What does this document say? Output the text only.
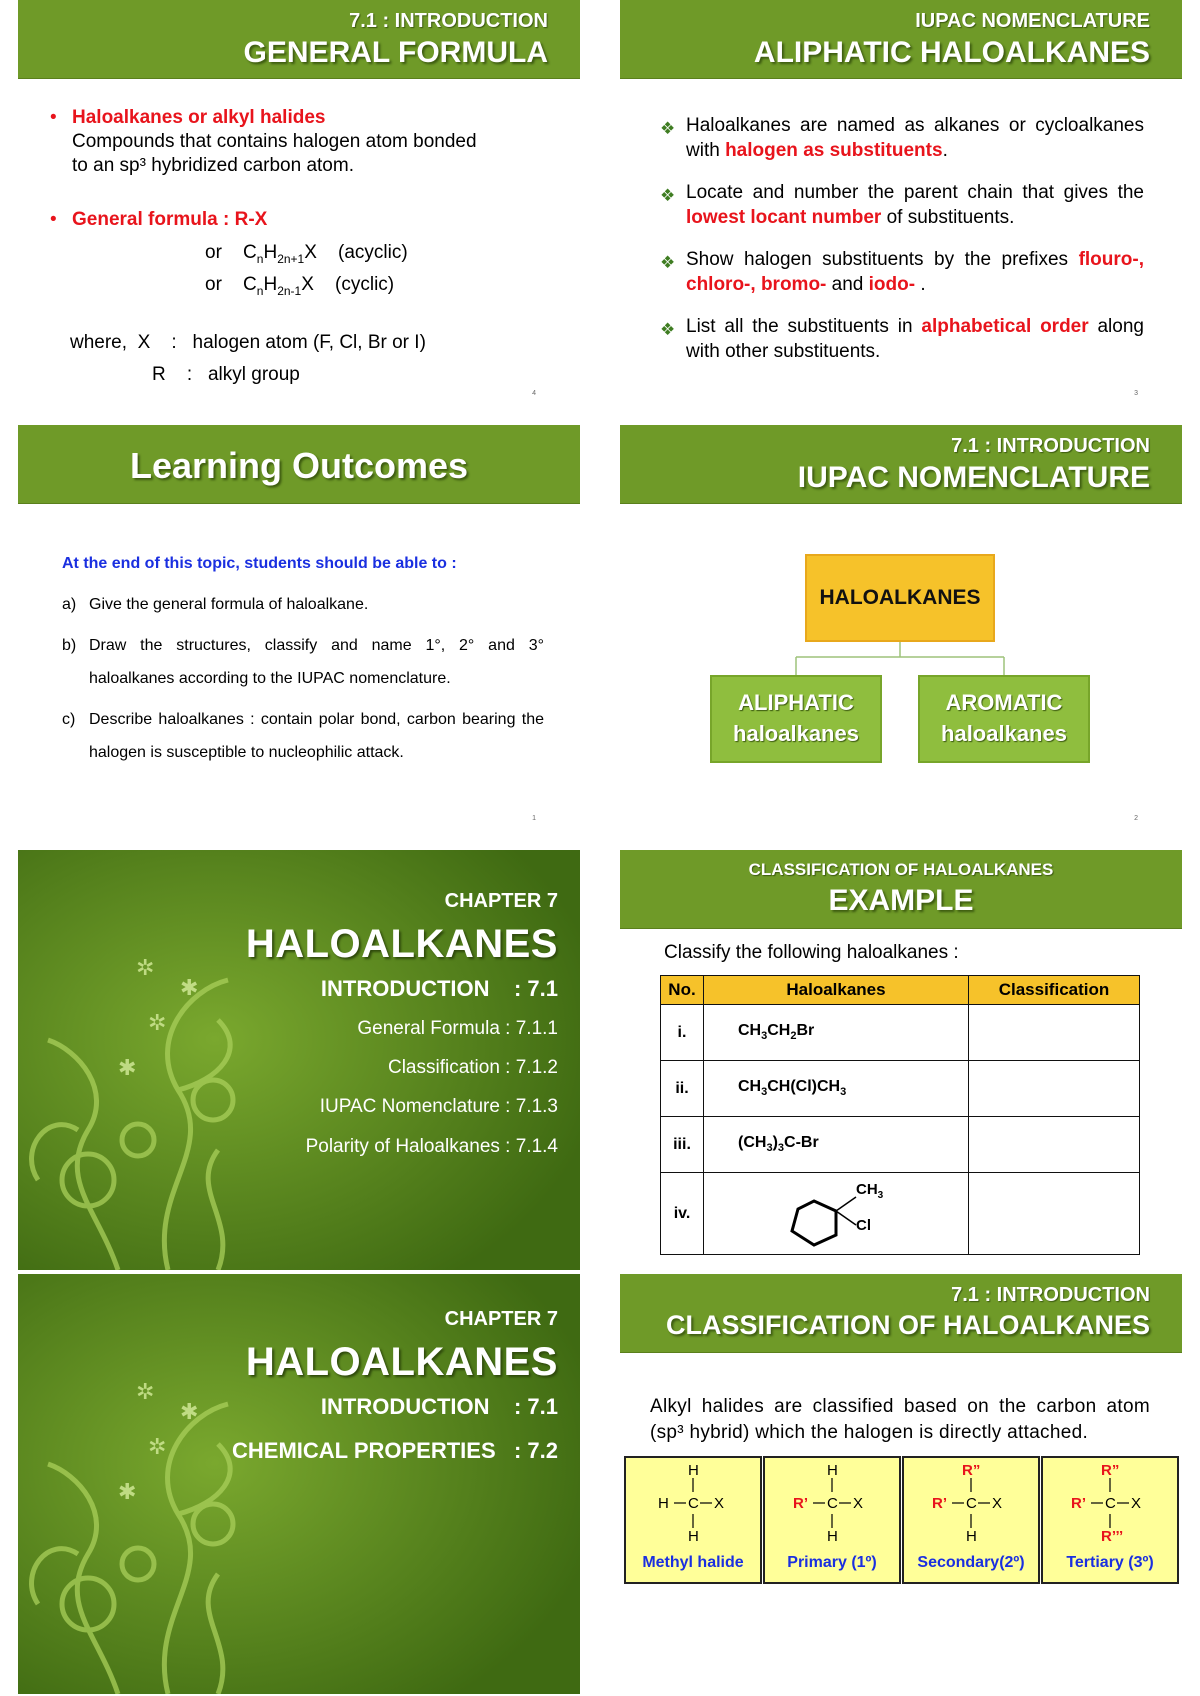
7.1 : INTRODUCTION
GENERAL FORMULA
• Haloalkanes or alkyl halides
Compounds that contains halogen atom bonded
to an sp³ hybridized carbon atom.
• General formula : R-X
or $C_nH_{2n+1}X$ (acyclic)
or $C_nH_{2n-1}X$ (cyclic)
where, X : halogen atom (F, Cl, Br or I)
R : alkyl group
4
IUPAC NOMENCLATURE
ALIPHATIC HALOALKANES
❖ Haloalkanes are named as alkanes or cycloalkanes with halogen as substituents.
❖ Locate and number the parent chain that gives the lowest locant number of substituents.
❖ Show halogen substituents by the prefixes flouro-, chloro-, bromo- and iodo- .
❖ List all the substituents in alphabetical order along with other substituents.
3
Learning Outcomes
At the end of this topic, students should be able to :
a) Give the general formula of haloalkane.
b) Draw the structures, classify and name 1°, 2° and 3° haloalkanes according to the IUPAC nomenclature.
c) Describe haloalkanes : contain polar bond, carbon bearing the halogen is susceptible to nucleophilic attack.
1
7.1 : INTRODUCTION
IUPAC NOMENCLATURE
HALOALKANES
ALIPHATIC
haloalkanes
AROMATIC
haloalkanes
2
✲
✱
✲
✱
CHAPTER 7
HALOALKANES
INTRODUCTION    : 7.1
General Formula : 7.1.1
Classification : 7.1.2
IUPAC Nomenclature : 7.1.3
Polarity of Haloalkanes : 7.1.4
✲
✱
✲
✱
CHAPTER 7
HALOALKANES
INTRODUCTION    : 7.1
CHEMICAL PROPERTIES   : 7.2
CLASSIFICATION OF HALOALKANES
EXAMPLE
Classify the following haloalkanes :
No.	Haloalkanes	Classification
i.	$CH_3CH_2Br$	
ii.	$CH_3CH(Cl)CH_3$	
iii.	$(CH_3)_3C-Br$	
iv.	$CH_3$
Cl	

7.1 : INTRODUCTION
CLASSIFICATION OF HALOALKANES
Alkyl halides are classified based on the carbon atom (sp³ hybrid) which the halogen is directly attached.
H
H C X
H
Methyl halide
H
R’ C X
H
Primary (1º)
R”
R’ C X
H
Secondary(2º)
R”
R’ C X
R’’’
Tertiary (3º)
